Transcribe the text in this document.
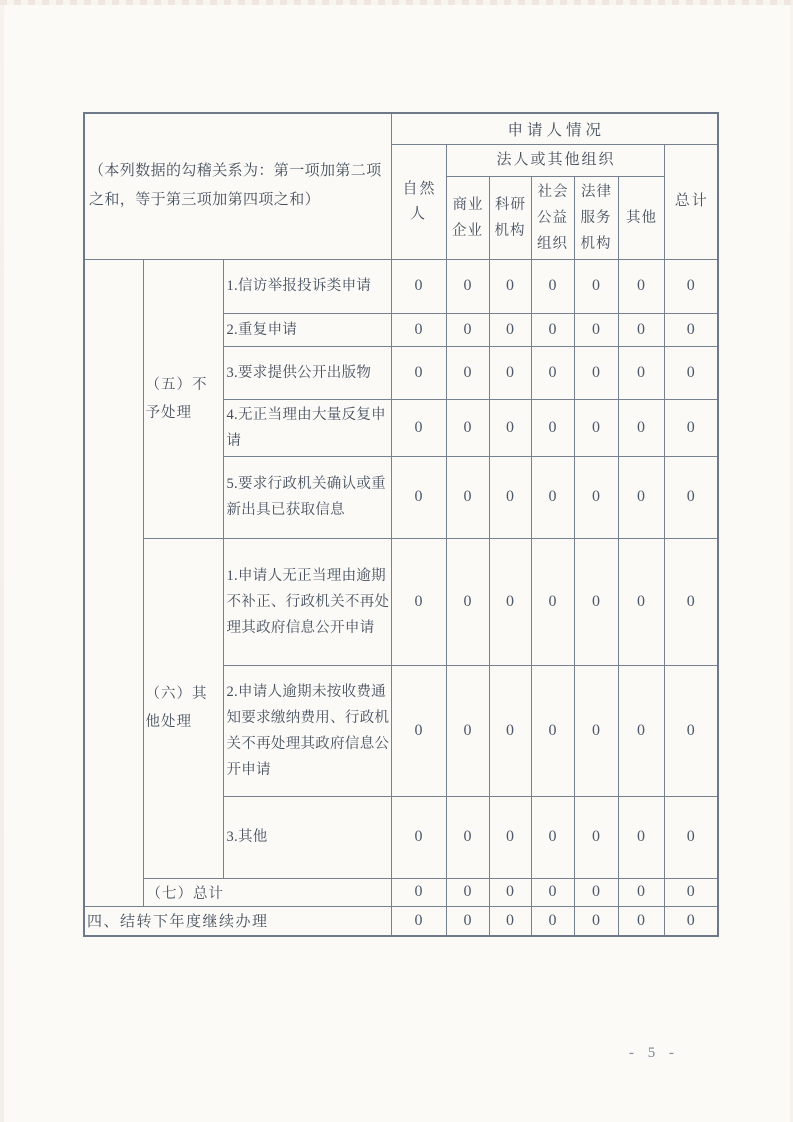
（本列数据的勾稽关系为：第一项加第二项之和，等于第三项加第四项之和）			申请人情况						
			自然人	法人或其他组织					总计
				商业企业	科研机构	社会公益组织	法律服务机构	其他	
	（五）不予处理	1.信访举报投诉类申请	0	0	0	0	0	0	0
		2.重复申请	0	0	0	0	0	0	0
		3.要求提供公开出版物	0	0	0	0	0	0	0
		4.无正当理由大量反复申请	0	0	0	0	0	0	0
		5.要求行政机关确认或重新出具已获取信息	0	0	0	0	0	0	0
	（六）其他处理	1.申请人无正当理由逾期不补正、行政机关不再处理其政府信息公开申请	0	0	0	0	0	0	0
		2.申请人逾期未按收费通知要求缴纳费用、行政机关不再处理其政府信息公开申请	0	0	0	0	0	0	0
		3.其他	0	0	0	0	0	0	0
	（七）总计		0	0	0	0	0	0	0
四、结转下年度继续办理			0	0	0	0	0	0	0
- 5 -
